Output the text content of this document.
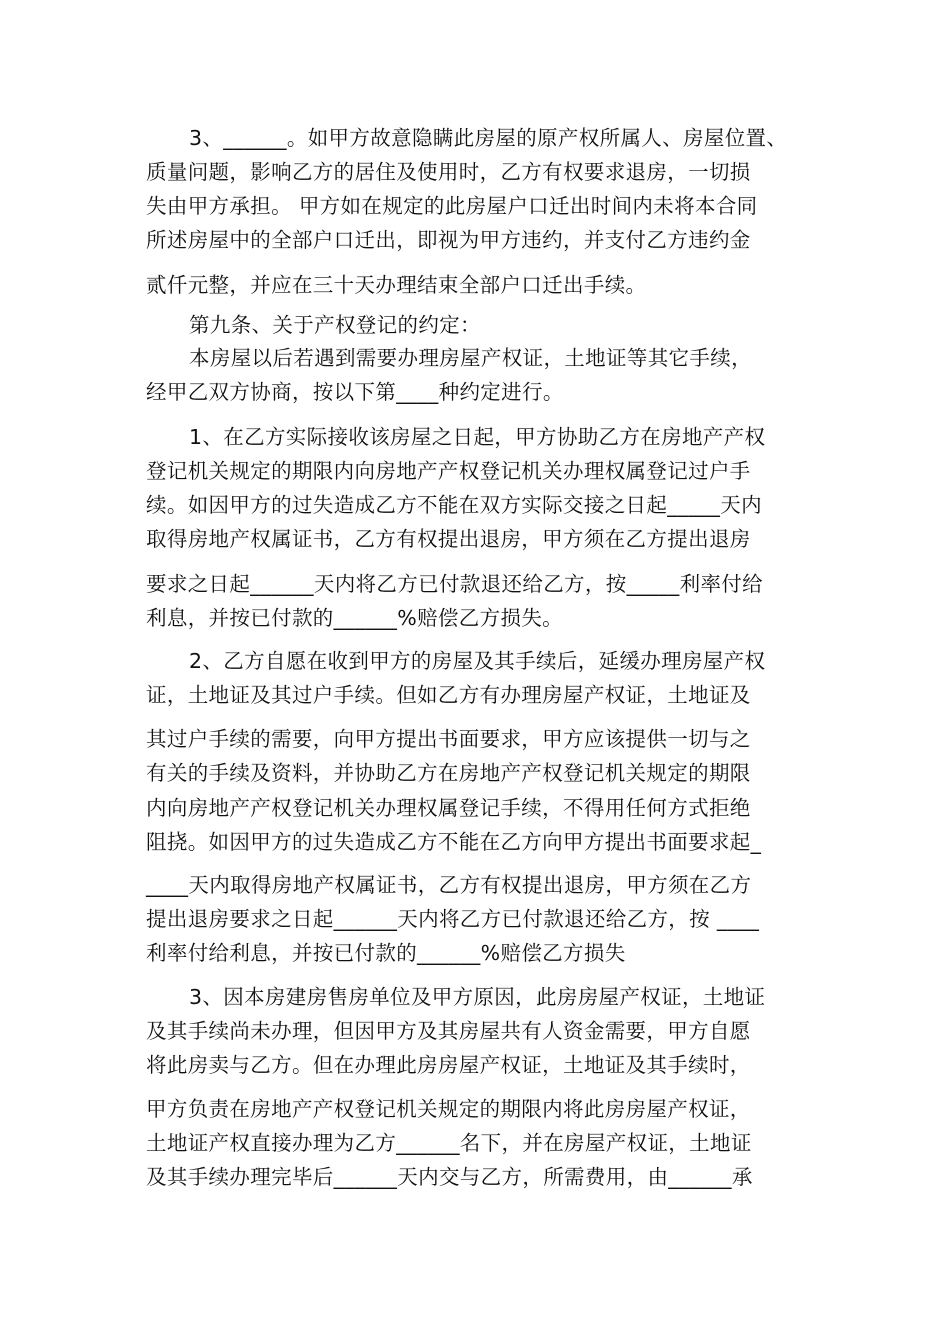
3、______。如甲方故意隐瞒此房屋的原产权所属人、房屋位置、
质量问题，影响乙方的居住及使用时，乙方有权要求退房，一切损
失由甲方承担。 甲方如在规定的此房屋户口迁出时间内未将本合同
所述房屋中的全部户口迁出，即视为甲方违约，并支付乙方违约金
贰仟元整，并应在三十天办理结束全部户口迁出手续。
第九条、关于产权登记的约定：
本房屋以后若遇到需要办理房屋产权证，土地证等其它手续，
经甲乙双方协商，按以下第____种约定进行。
1、在乙方实际接收该房屋之日起，甲方协助乙方在房地产产权
登记机关规定的期限内向房地产产权登记机关办理权属登记过户手
续。如因甲方的过失造成乙方不能在双方实际交接之日起_____天内
取得房地产权属证书，乙方有权提出退房，甲方须在乙方提出退房
要求之日起______天内将乙方已付款退还给乙方，按_____利率付给
利息，并按已付款的______%赔偿乙方损失。
2、乙方自愿在收到甲方的房屋及其手续后，延缓办理房屋产权
证，土地证及其过户手续。但如乙方有办理房屋产权证，土地证及
其过户手续的需要，向甲方提出书面要求，甲方应该提供一切与之
有关的手续及资料，并协助乙方在房地产产权登记机关规定的期限
内向房地产产权登记机关办理权属登记手续，不得用任何方式拒绝
阻挠。如因甲方的过失造成乙方不能在乙方向甲方提出书面要求起_
____天内取得房地产权属证书，乙方有权提出退房，甲方须在乙方
提出退房要求之日起______天内将乙方已付款退还给乙方，按 ____
利率付给利息，并按已付款的______%赔偿乙方损失
3、因本房建房售房单位及甲方原因，此房房屋产权证，土地证
及其手续尚未办理，但因甲方及其房屋共有人资金需要，甲方自愿
将此房卖与乙方。但在办理此房房屋产权证，土地证及其手续时，
甲方负责在房地产产权登记机关规定的期限内将此房房屋产权证，
土地证产权直接办理为乙方______名下，并在房屋产权证，土地证
及其手续办理完毕后______天内交与乙方，所需费用，由______承
